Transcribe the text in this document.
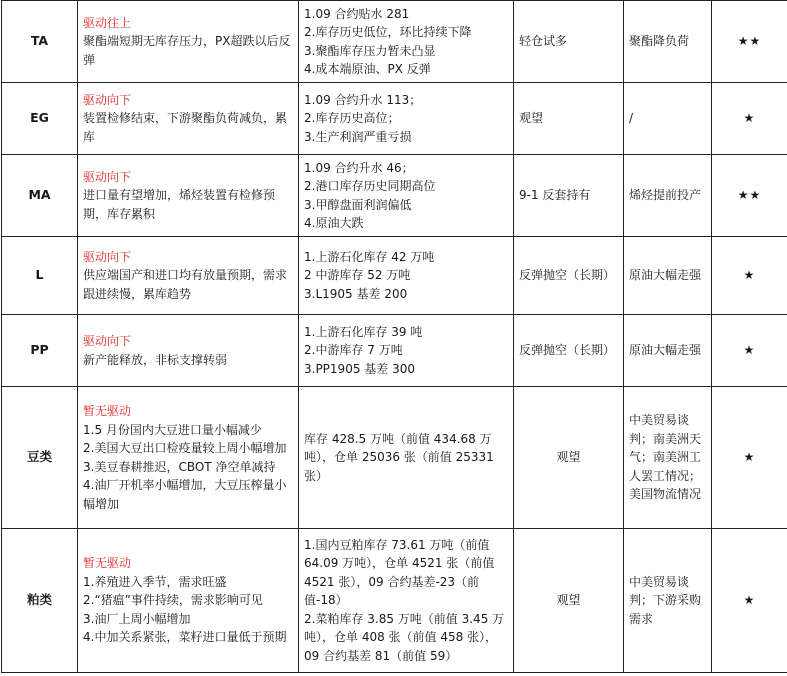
TA	驱动往上
聚酯端短期无库存压力，PX超跌以后反弹	1.09 合约贴水 281
2.库存历史低位，环比持续下降
3.聚酯库存压力暂未凸显
4.成本端原油、PX 反弹	轻仓试多	聚酯降负荷	★★
EG	驱动向下
装置检修结束，下游聚酯负荷减负，累库	1.09 合约升水 113；
2.库存历史高位；
3.生产利润严重亏损	观望	/	★
MA	驱动向下
进口量有望增加，烯烃装置有检修预期，库存累积	1.09 合约升水 46；
2.港口库存历史同期高位
3.甲醇盘面利润偏低
4.原油大跌	9-1 反套持有	烯烃提前投产	★★
L	驱动向下
供应端国产和进口均有放量预期，需求跟进续慢，累库趋势	1.上游石化库存 42 万吨
2 中游库存 52 万吨
3.L1905 基差 200	反弹抛空（长期）	原油大幅走强	★
PP	驱动向下
新产能释放，非标支撑转弱	1.上游石化库存 39 吨
2.中游库存 7 万吨
3.PP1905 基差 300	反弹抛空（长期）	原油大幅走强	★
豆类	暂无驱动
1.5 月份国内大豆进口量小幅减少
2.美国大豆出口检疫量较上周小幅增加
3.美豆春耕推迟，CBOT 净空单减持
4.油厂开机率小幅增加，大豆压榨量小幅增加	库存 428.5 万吨（前值 434.68 万吨），仓单 25036 张（前值 25331 张）	观望	中美贸易谈判；南美洲天气；南美洲工人罢工情况；美国物流情况	★
粕类	暂无驱动
1.养殖进入季节，需求旺盛
2.“猪瘟”事件持续，需求影响可见
3.油厂上周小幅增加
4.中加关系紧张，菜籽进口量低于预期	1.国内豆粕库存 73.61 万吨（前值 64.09 万吨），仓单 4521 张（前值 4521 张），09 合约基差-23（前值-18）
2.菜粕库存 3.85 万吨（前值 3.45 万吨），仓单 408 张（前值 458 张），09 合约基差 81（前值 59）	观望	中美贸易谈判；下游采购需求	★
